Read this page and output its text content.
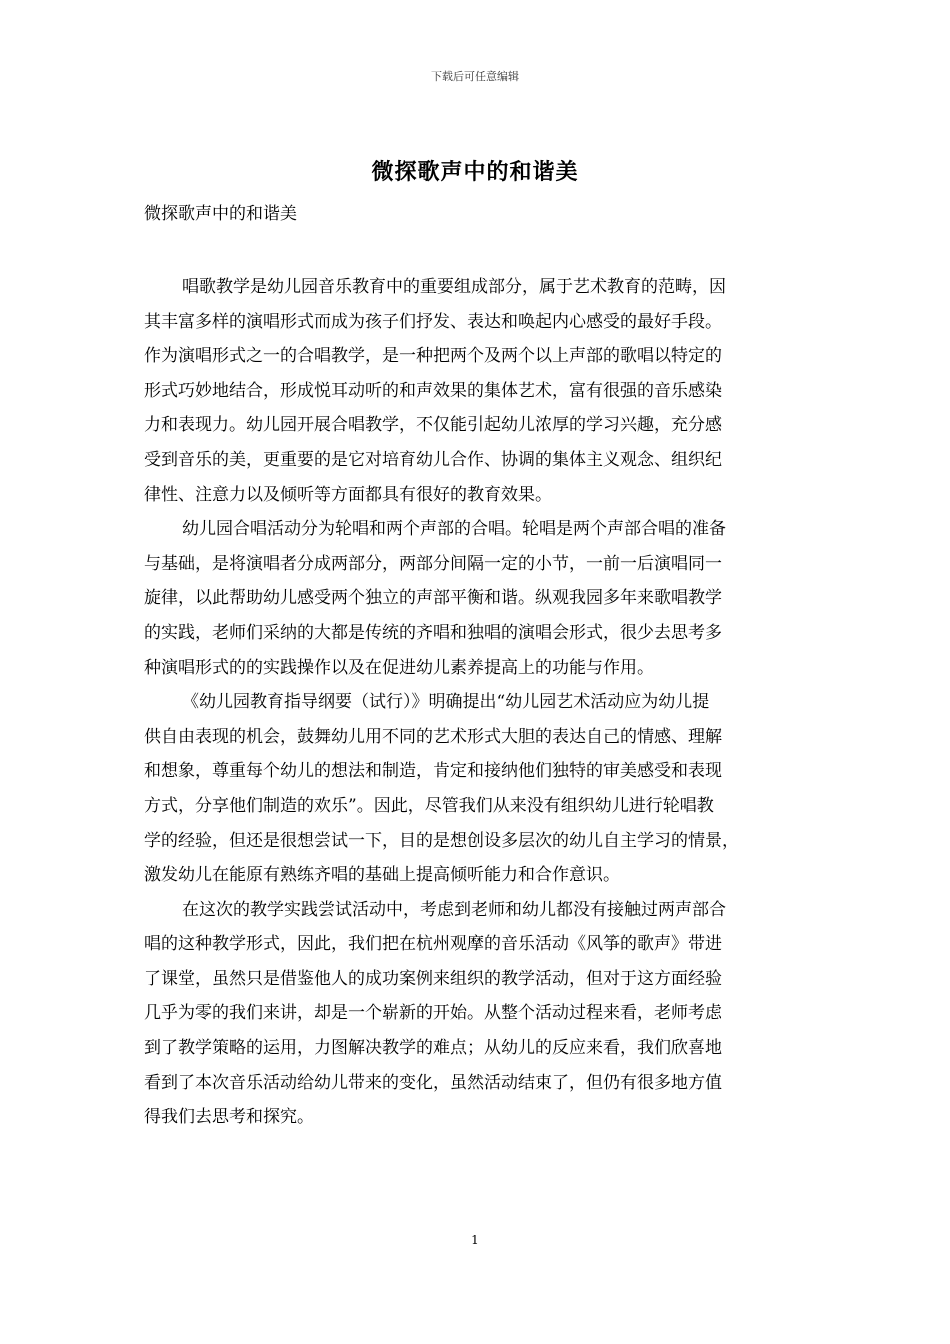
下载后可任意编辑
微探歌声中的和谐美
微探歌声中的和谐美
唱歌教学是幼儿园音乐教育中的重要组成部分，属于艺术教育的范畴，因
其丰富多样的演唱形式而成为孩子们抒发、表达和唤起内心感受的最好手段。
作为演唱形式之一的合唱教学，是一种把两个及两个以上声部的歌唱以特定的
形式巧妙地结合，形成悦耳动听的和声效果的集体艺术，富有很强的音乐感染
力和表现力。幼儿园开展合唱教学，不仅能引起幼儿浓厚的学习兴趣，充分感
受到音乐的美，更重要的是它对培育幼儿合作、协调的集体主义观念、组织纪
律性、注意力以及倾听等方面都具有很好的教育效果。
幼儿园合唱活动分为轮唱和两个声部的合唱。轮唱是两个声部合唱的准备
与基础，是将演唱者分成两部分，两部分间隔一定的小节，一前一后演唱同一
旋律，以此帮助幼儿感受两个独立的声部平衡和谐。纵观我园多年来歌唱教学
的实践，老师们采纳的大都是传统的齐唱和独唱的演唱会形式，很少去思考多
种演唱形式的的实践操作以及在促进幼儿素养提高上的功能与作用。
《幼儿园教育指导纲要（试行）》明确提出“幼儿园艺术活动应为幼儿提
供自由表现的机会，鼓舞幼儿用不同的艺术形式大胆的表达自己的情感、理解
和想象，尊重每个幼儿的想法和制造，肯定和接纳他们独特的审美感受和表现
方式，分享他们制造的欢乐”。因此，尽管我们从来没有组织幼儿进行轮唱教
学的经验，但还是很想尝试一下，目的是想创设多层次的幼儿自主学习的情景，
激发幼儿在能原有熟练齐唱的基础上提高倾听能力和合作意识。
在这次的教学实践尝试活动中，考虑到老师和幼儿都没有接触过两声部合
唱的这种教学形式，因此，我们把在杭州观摩的音乐活动《风筝的歌声》带进
了课堂，虽然只是借鉴他人的成功案例来组织的教学活动，但对于这方面经验
几乎为零的我们来讲，却是一个崭新的开始。从整个活动过程来看，老师考虑
到了教学策略的运用，力图解决教学的难点；从幼儿的反应来看，我们欣喜地
看到了本次音乐活动给幼儿带来的变化，虽然活动结束了，但仍有很多地方值
得我们去思考和探究。
1
